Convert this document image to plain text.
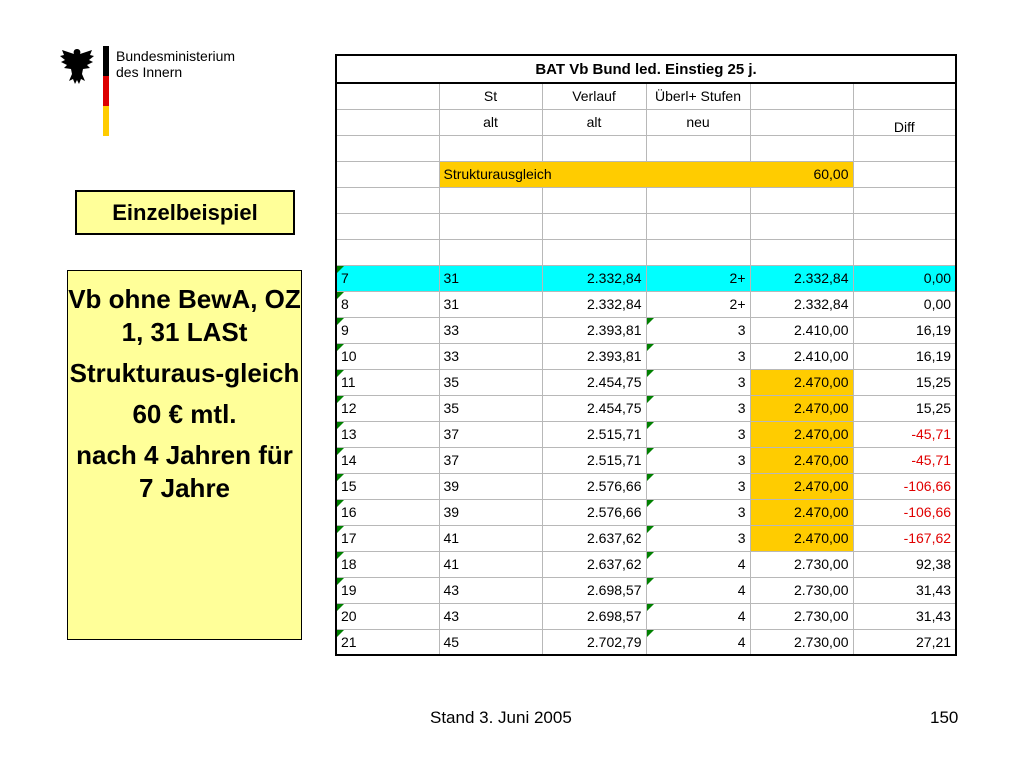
Bundesministerium
des Innern
Einzelbeispiel

Vb ohne BewA, OZ 1, 31 LASt

Strukturaus-gleich

60 € mtl.

nach 4 Jahren für 7 Jahre

BAT Vb Bund led. Einstieg 25 j.					
	St	Verlauf	Überl+ Stufen		
	alt	alt	neu		Diff

	Strukturausgleich 60,00				

7	31	2.332,84	2+	2.332,84	0,00
8	31	2.332,84	2+	2.332,84	0,00
9	33	2.393,81	3	2.410,00	16,19
10	33	2.393,81	3	2.410,00	16,19
11	35	2.454,75	3	2.470,00	15,25
12	35	2.454,75	3	2.470,00	15,25
13	37	2.515,71	3	2.470,00	-45,71
14	37	2.515,71	3	2.470,00	-45,71
15	39	2.576,66	3	2.470,00	-106,66
16	39	2.576,66	3	2.470,00	-106,66
17	41	2.637,62	3	2.470,00	-167,62
18	41	2.637,62	4	2.730,00	92,38
19	43	2.698,57	4	2.730,00	31,43
20	43	2.698,57	4	2.730,00	31,43
21	45	2.702,79	4	2.730,00	27,21
Stand 3. Juni 2005	150
